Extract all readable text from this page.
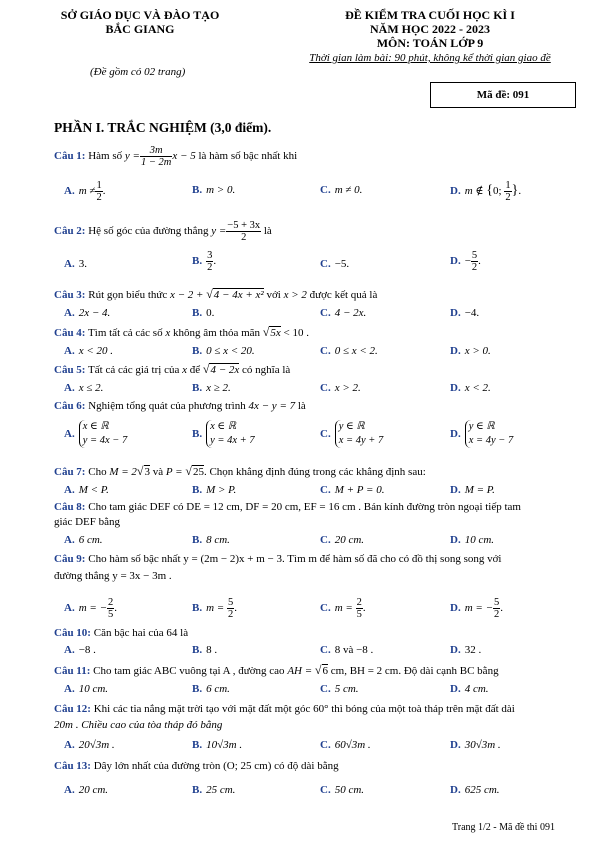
SỞ GIÁO DỤC VÀ ĐÀO TẠO
BẮC GIANG
(Đề gồm có 02 trang)
ĐỀ KIỂM TRA CUỐI HỌC KÌ I
NĂM HỌC 2022 - 2023
MÔN: TOÁN LỚP 9
Thời gian làm bài: 90 phút, không kể thời gian giao đề
Mã đề: 091
PHẦN I. TRẮC NGHIỆM (3,0 điểm).
Câu 1: Hàm số $y = \frac{3m}{1 - 2m}$ x − 5 là hàm số bậc nhất khi
A. $m \ne \frac{1}{2}$ .	B. m > 0.	C. m ≠ 0.	D. m ∉ {0; $\frac{1}{2}$ }.
Câu 2: Hệ số góc của đường thẳng $y = \frac{-5 + 3x}{2}$ là
A. 3.	B. $\frac{3}{2}$ .	C. −5.	D. − $\frac{5}{2}$ .
Câu 3: Rút gọn biểu thức x − 2 + √4 − 4x + x² với x > 2 được kết quả là
A. 2x − 4.	B. 0.	C. 4 − 2x.	D. −4.
Câu 4: Tìm tất cả các số x không âm thỏa mãn √5x < 10 .
A. x < 20 .	B. 0 ≤ x < 20.	C. 0 ≤ x < 2.	D. x > 0.
Câu 5: Tất cả các giá trị của x để √4 − 2x có nghĩa là
A. x ≤ 2.	B. x ≥ 2.	C. x > 2.	D. x < 2.
Câu 6: Nghiệm tổng quát của phương trình 4x − y = 7 là
A.
x ∈ ℝ
y = 4x − 7
B.
x ∈ ℝ
y = 4x + 7
C.
y ∈ ℝ
x = 4y + 7
D.
y ∈ ℝ
x = 4y − 7
Câu 7: Cho M = 2√3 và P = √25. Chọn khẳng định đúng trong các khẳng định sau:
A. M < P.	B. M > P.	C. M + P = 0.	D. M = P.
Câu 8: Cho tam giác DEF có DE = 12 cm, DF = 20 cm, EF = 16 cm . Bán kính đường tròn ngoại tiếp tam
giác DEF bằng
A. 6 cm.	B. 8 cm.	C. 20 cm.	D. 10 cm.
Câu 9: Cho hàm số bậc nhất y = (2m − 2)x + m − 3. Tìm m để hàm số đã cho có đồ thị song song với
đường thẳng y = 3x − 3m .
A. m = − $\frac{2}{5}$ .	B. $m = \frac{5}{2}$ .	C. $m = \frac{2}{5}$ .	D. m = − $\frac{5}{2}$ .
Câu 10: Căn bậc hai của 64 là
A. −8 .	B. 8 .	C. 8 và −8 .	D. 32 .
Câu 11: Cho tam giác ABC vuông tại A , đường cao AH = √6 cm, BH = 2 cm. Độ dài cạnh BC bằng
A. 10 cm.	B. 6 cm.	C. 5 cm.	D. 4 cm.
Câu 12: Khi các tia nắng mặt trời tạo với mặt đất một góc 60° thì bóng của một toà tháp trên mặt đất dài
20m . Chiều cao của tòa tháp đó bằng
A. 20√3m .	B. 10√3m .	C. 60√3m .	D. 30√3m .
Câu 13: Dây lớn nhất của đường tròn (O; 25 cm) có độ dài bằng
A. 20 cm.	B. 25 cm.	C. 50 cm.	D. 625 cm.
Trang 1/2 - Mã đề thi 091
